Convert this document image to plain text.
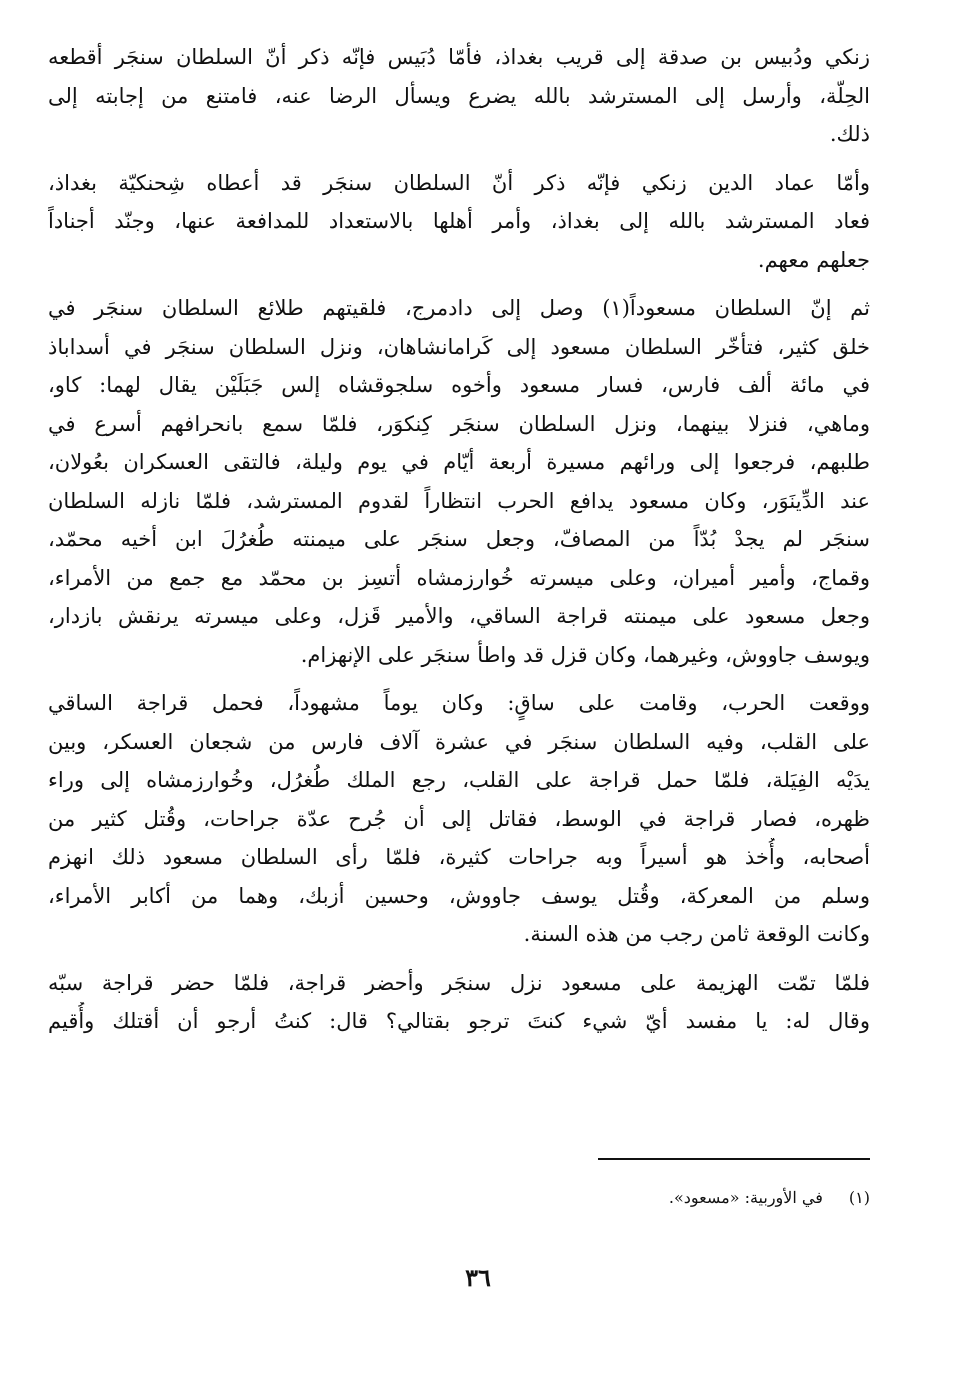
زنكي ودُبيس بن صدقة إلى قريب بغداذ، فأمّا دُبَيس فإنّه ذكر أنّ السلطان سنجَر أقطعه
الحِلّة، وأرسل إلى المسترشد بالله يضرع ويسأل الرضا عنه، فامتنع من إجابته إلى
ذلك.

وأمّا عماد الدين زنكي فإنّه ذكر أنّ السلطان سنجَر قد أعطاه شِحنكيّة بغداذ،
فعاد المسترشد بالله إلى بغداذ، وأمر أهلها بالاستعداد للمدافعة عنها، وجنّد أجناداً
جعلهم معهم.

ثم إنّ السلطان مسعوداً(١) وصل إلى دادمرج، فلقيتهم طلائع السلطان سنجَر في
خلق كثير، فتأخّر السلطان مسعود إلى كَرامانشاهان، ونزل السلطان سنجَر في أسداباذ
في مائة ألف فارس، فسار مسعود وأخوه سلجوقشاه إلس جَبَلَيْن يقال لهما: كاو،
وماهي، فنزلا بينهما، ونزل السلطان سنجَر كِنكوَر، فلمّا سمع بانحرافهم أسرع في
طلبهم، فرجعوا إلى ورائهم مسيرة أربعة أيّام في يوم وليلة، فالتقى العسكران بعُولان،
عند الدِّينَوَر، وكان مسعود يدافع الحرب انتظاراً لقدوم المسترشد، فلمّا نازله السلطان
سنجَر لم يجدْ بُدّاً من المصافّ، وجعل سنجَر على ميمنته طُغرُلَ ابن أخيه محمّد،
وقماج، وأمير أميران، وعلى ميسرته خُوارزمشاه أتسِز بن محمّد مع جمع من الأمراء،
وجعل مسعود على ميمنته قراجة الساقي، والأمير قَزل، وعلى ميسرته يرنقش بازدار،
ويوسف جاووش، وغيرهما، وكان قزل قد واطأ سنجَر على الإنهزام.

ووقعت الحرب، وقامت على ساقٍ: وكان يوماً مشهوداً، فحمل قراجة الساقي
على القلب، وفيه السلطان سنجَر في عشرة آلاف فارس من شجعان العسكر، وبين
يدَيْه الفِيَلة، فلمّا حمل قراجة على القلب، رجع الملك طُغرُل، وخُوارزمشاه إلى وراء
ظهره، فصار قراجة في الوسط، فقاتل إلى أن جُرح عدّة جراحات، وقُتل كثير من
أصحابه، وأُخذ هو أسيراً وبه جراحات كثيرة، فلمّا رأى السلطان مسعود ذلك انهزم
وسلم من المعركة، وقُتل يوسف جاووش، وحسين أزبك، وهما من أكابر الأمراء،
وكانت الوقعة ثامن رجب من هذه السنة.

فلمّا تمّت الهزيمة على مسعود نزل سنجَر وأحضر قراجة، فلمّا حضر قراجة سبّه
وقال له: يا مفسد أيّ شيء كنتَ ترجو بقتالي؟ قال: كنتُ أرجو أن أقتلك وأُقيم

(١)في الأوربية: «مسعود».
٣٦
